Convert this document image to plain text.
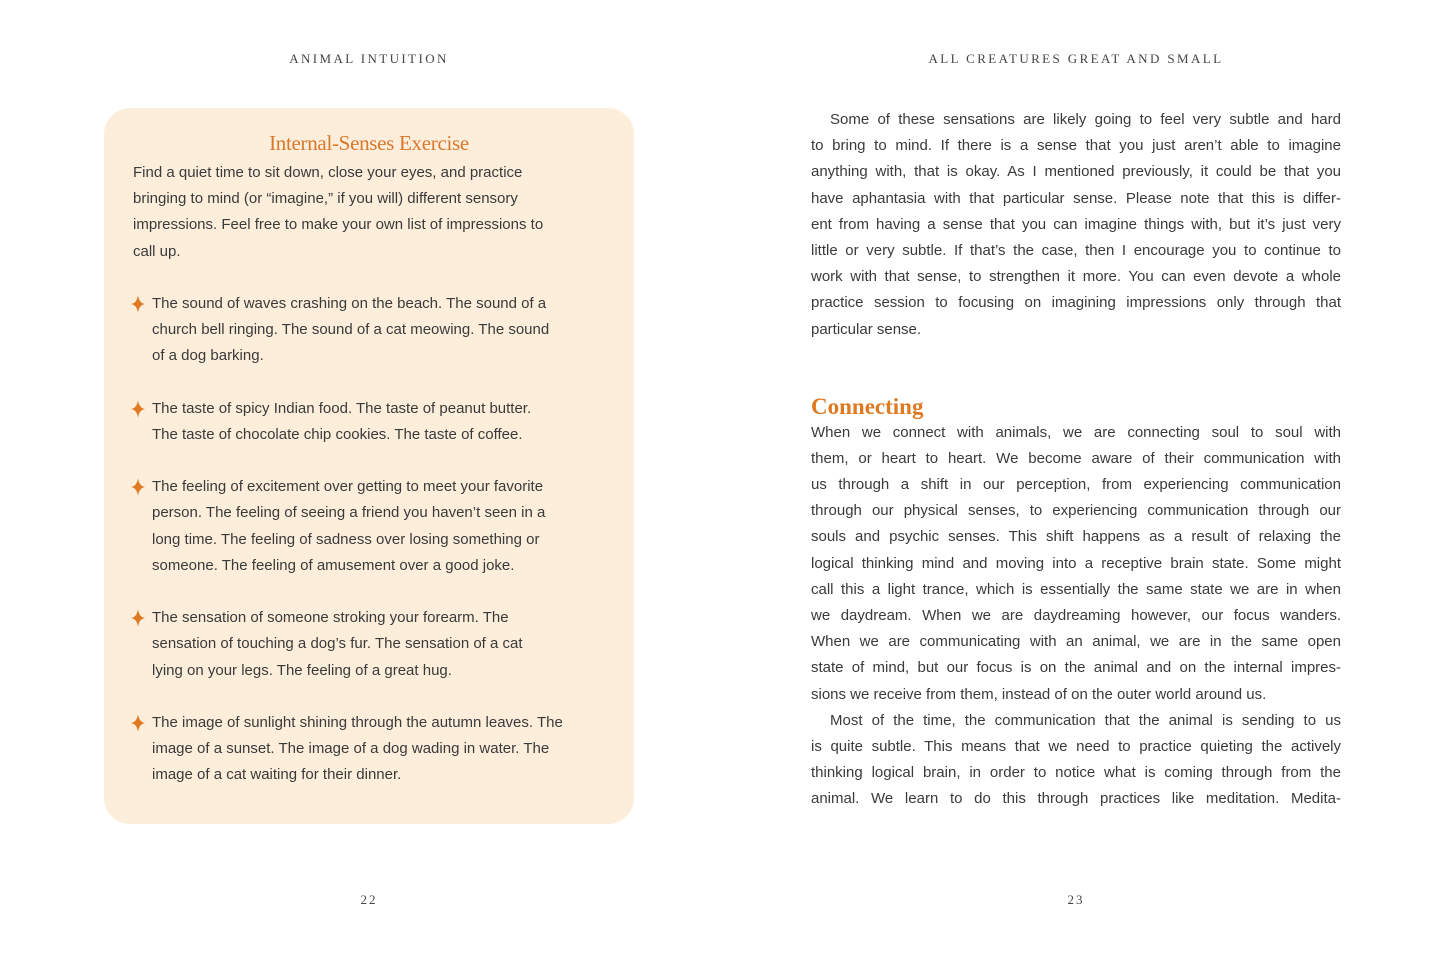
ANIMAL INTUITION	ALL CREATURES GREAT AND SMALL
Internal-Senses Exercise
Find a quiet time to sit down, close your eyes, and practice
bringing to mind (or “imagine,” if you will) different sensory
impressions. Feel free to make your own list of impressions to
call up.
The sound of waves crashing on the beach. The sound of a
church bell ringing. The sound of a cat meowing. The sound
of a dog barking.
The taste of spicy Indian food. The taste of peanut butter.
The taste of chocolate chip cookies. The taste of coffee.
The feeling of excitement over getting to meet your favorite
person. The feeling of seeing a friend you haven’t seen in a
long time. The feeling of sadness over losing something or
someone. The feeling of amusement over a good joke.
The sensation of someone stroking your forearm. The
sensation of touching a dog’s fur. The sensation of a cat
lying on your legs. The feeling of a great hug.
The image of sunlight shining through the autumn leaves. The
image of a sunset. The image of a dog wading in water. The
image of a cat waiting for their dinner.
Some of these sensations are likely going to feel very subtle and hard
to bring to mind. If there is a sense that you just aren’t able to imagine
anything with, that is okay. As I mentioned previously, it could be that you
have aphantasia with that particular sense. Please note that this is differ-
ent from having a sense that you can imagine things with, but it’s just very
little or very subtle. If that’s the case, then I encourage you to continue to
work with that sense, to strengthen it more. You can even devote a whole
practice session to focusing on imagining impressions only through that
particular sense.
Connecting
When we connect with animals, we are connecting soul to soul with
them, or heart to heart. We become aware of their communication with
us through a shift in our perception, from experiencing communication
through our physical senses, to experiencing communication through our
souls and psychic senses. This shift happens as a result of relaxing the
logical thinking mind and moving into a receptive brain state. Some might
call this a light trance, which is essentially the same state we are in when
we daydream. When we are daydreaming however, our focus wanders.
When we are communicating with an animal, we are in the same open
state of mind, but our focus is on the animal and on the internal impres-
sions we receive from them, instead of on the outer world around us.
Most of the time, the communication that the animal is sending to us
is quite subtle. This means that we need to practice quieting the actively
thinking logical brain, in order to notice what is coming through from the
animal. We learn to do this through practices like meditation. Medita-
22	23
